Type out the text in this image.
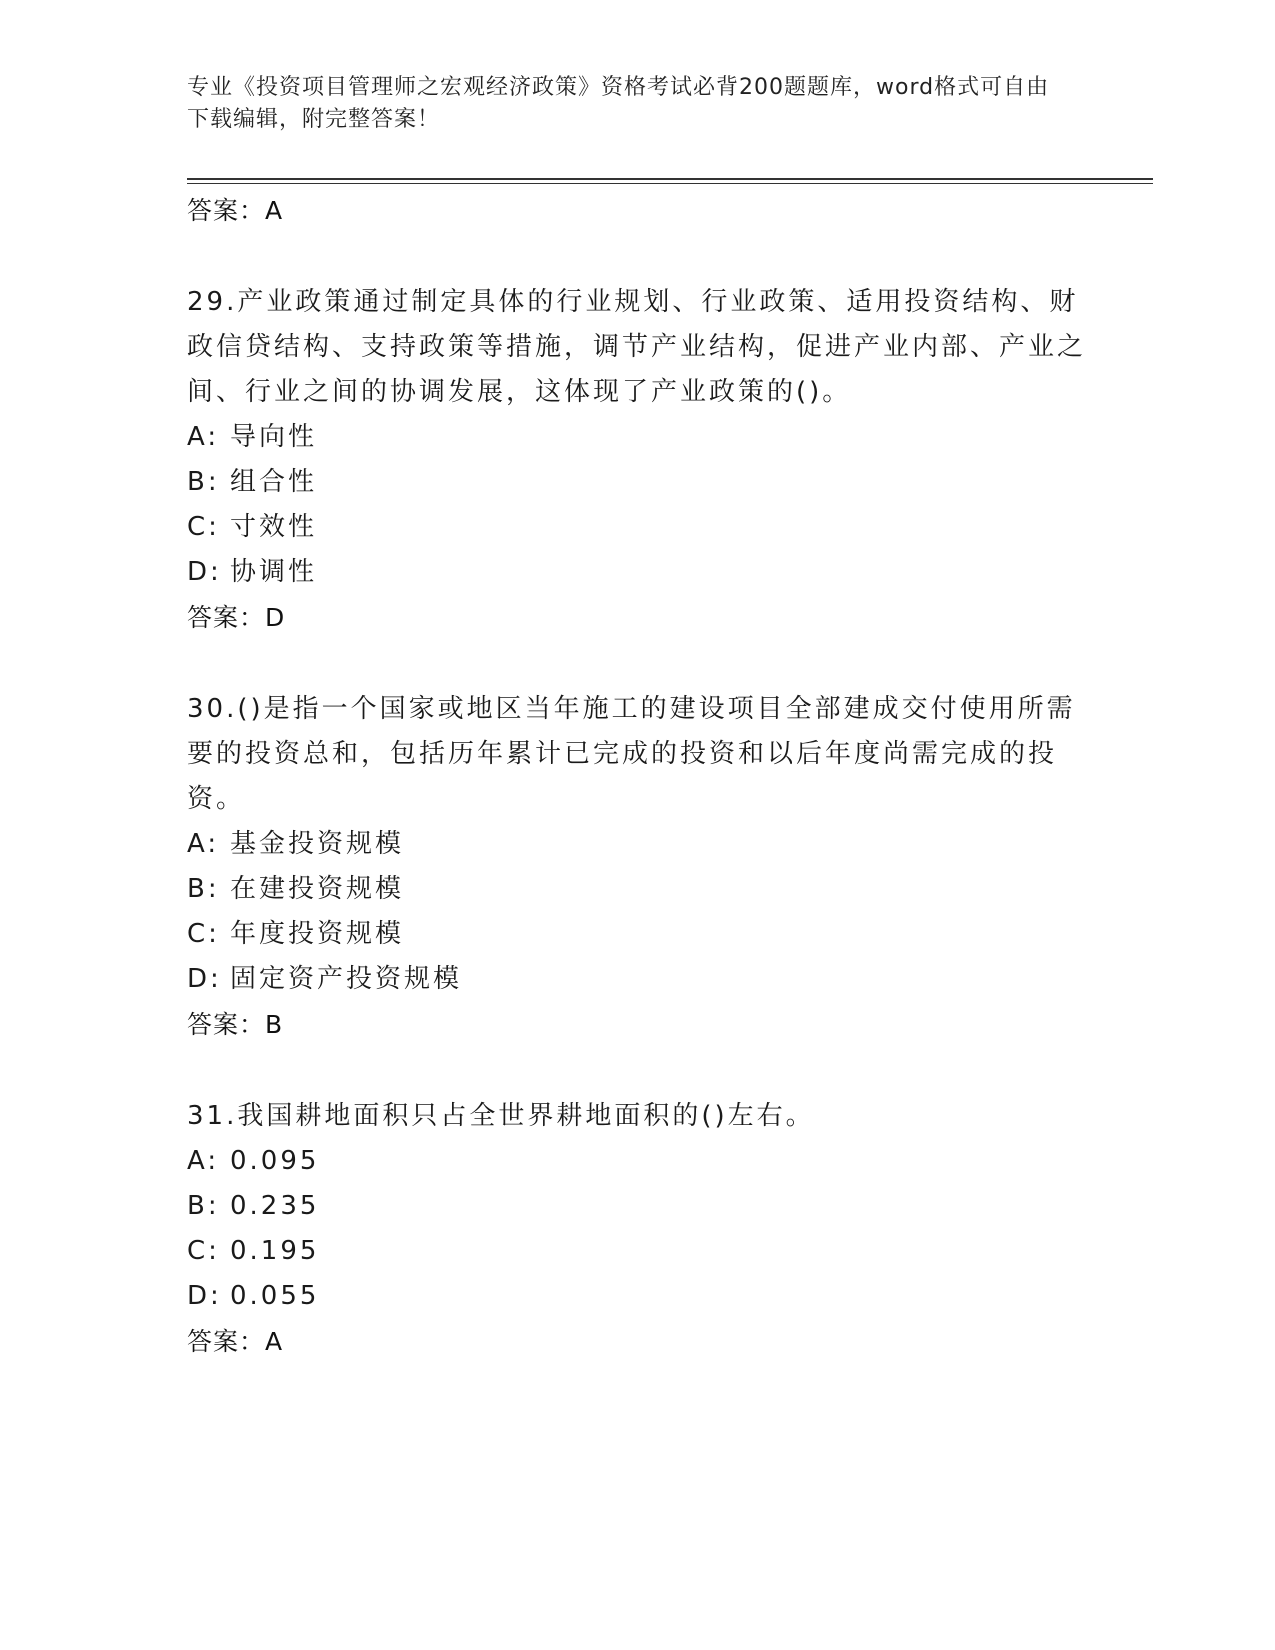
专业《投资项目管理师之宏观经济政策》资格考试必背200题题库，word格式可自由下载编辑，附完整答案！
答案：A
29.产业政策通过制定具体的行业规划、行业政策、适用投资结构、财政信贷结构、支持政策等措施，调节产业结构，促进产业内部、产业之间、行业之间的协调发展，这体现了产业政策的()。
A: 导向性
B: 组合性
C: 寸效性
D: 协调性
答案：D
30.()是指一个国家或地区当年施工的建设项目全部建成交付使用所需要的投资总和，包括历年累计已完成的投资和以后年度尚需完成的投资。
A: 基金投资规模
B: 在建投资规模
C: 年度投资规模
D: 固定资产投资规模
答案：B
31.我国耕地面积只占全世界耕地面积的()左右。
A: 0.095
B: 0.235
C: 0.195
D: 0.055
答案：A
